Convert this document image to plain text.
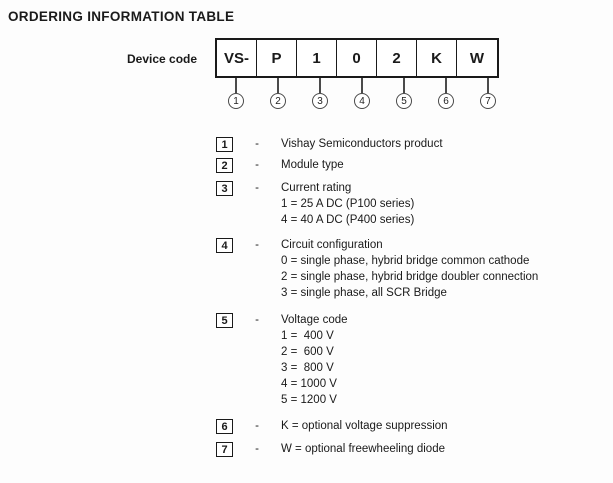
ORDERING INFORMATION TABLE
Device code	VS-	P	1	0	2	K	W
1	2	3	4	5	6	7
1	-	Vishay Semiconductors product
2	-	Module type
3	-	Current rating
1 = 25 A DC (P100 series)
4 = 40 A DC (P400 series)
4	-	Circuit configuration
0 = single phase, hybrid bridge common cathode
2 = single phase, hybrid bridge doubler connection
3 = single phase, all SCR Bridge
5	-	Voltage code
1 =  400 V
2 =  600 V
3 =  800 V
4 = 1000 V
5 = 1200 V
6	-	K = optional voltage suppression
7	-	W = optional freewheeling diode
